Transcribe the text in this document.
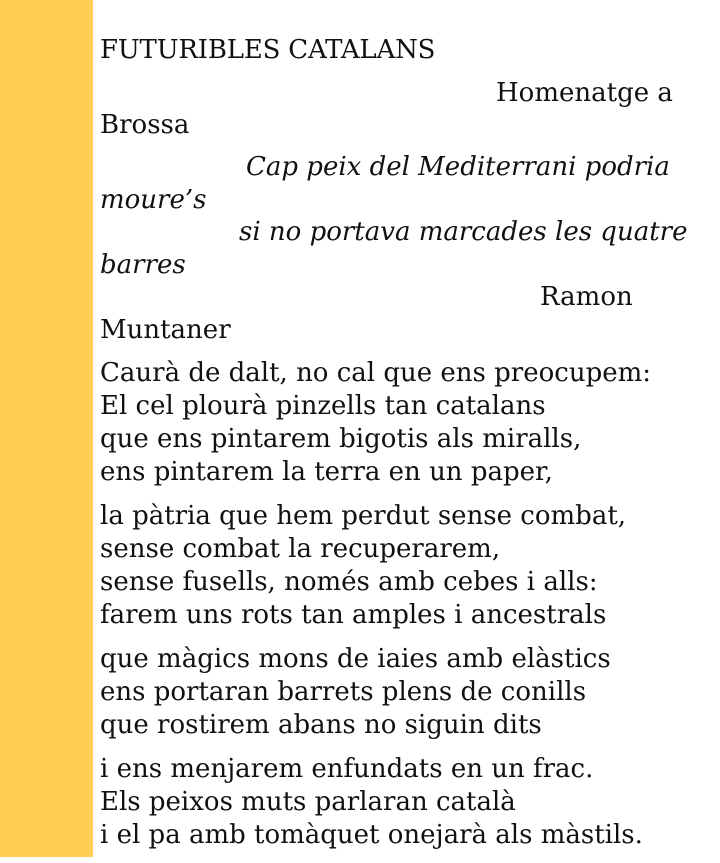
FUTURIBLES CATALANS

Homenatge a Brossa

Cap peix del Mediterrani podria moure’s
si no portava marcades les quatre barres

Ramon Muntaner

Caurà de dalt, no cal que ens preocupem:
El cel plourà pinzells tan catalans
que ens pintarem bigotis als miralls,
ens pintarem la terra en un paper,
la pàtria que hem perdut sense combat,
sense combat la recuperarem,
sense fusells, només amb cebes i alls:
farem uns rots tan amples i ancestrals
que màgics mons de iaies amb elàstics
ens portaran barrets plens de conills
que rostirem abans no siguin dits
i ens menjarem enfundats en un frac.
Els peixos muts parlaran català
i el pa amb tomàquet onejarà als màstils.
